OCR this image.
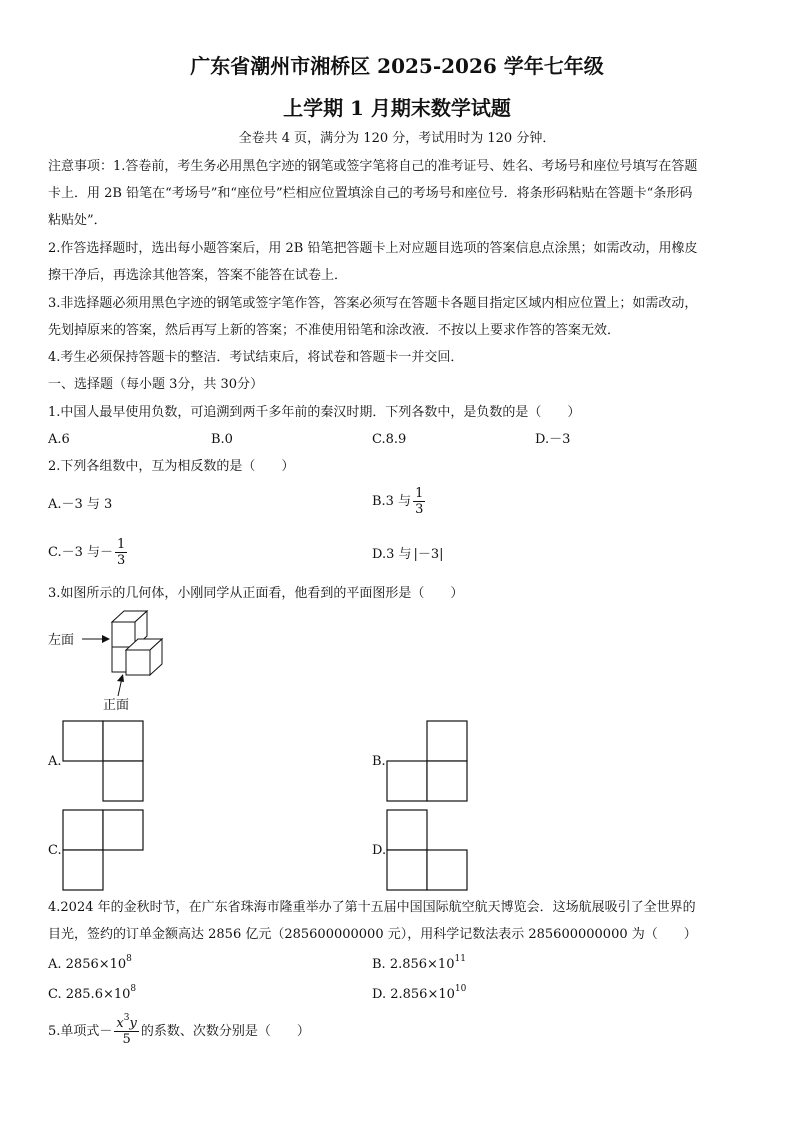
广东省潮州市湘桥区 2025-2026 学年七年级
上学期 1 月期末数学试题
全卷共 4 页，满分为 120 分，考试用时为 120 分钟．
注意事项：1.答卷前，考生务必用黑色字迹的钢笔或签字笔将自己的准考证号、姓名、考场号和座位号填写在答题
卡上．用 2B 铅笔在“考场号”和“座位号”栏相应位置填涂自己的考场号和座位号．将条形码粘贴在答题卡“条形码
粘贴处”．
2.作答选择题时，选出每小题答案后，用 2B 铅笔把答题卡上对应题目选项的答案信息点涂黑；如需改动，用橡皮
擦干净后，再选涂其他答案，答案不能答在试卷上．
3.非选择题必须用黑色字迹的钢笔或签字笔作答，答案必须写在答题卡各题目指定区域内相应位置上；如需改动，
先划掉原来的答案，然后再写上新的答案；不准使用铅笔和涂改液．不按以上要求作答的答案无效．
4.考生必须保持答题卡的整洁．考试结束后，将试卷和答题卡一并交回．
一、选择题（每小题 3分，共 30分）
1.中国人最早使用负数，可追溯到两千多年前的秦汉时期．下列各数中，是负数的是（　　）
A.6	B.0	C.8.9	D.－3
2.下列各组数中，互为相反数的是（　　）
A.－3 与 3	B.3 与 $\frac{1}{3}$
C.－3 与－ $\frac{1}{3}$	D.3 与 |－3|
3.如图所示的几何体，小刚同学从正面看，他看到的平面图形是（　　）
左面
正面
A.	B.
C.	D.
4.2024 年的金秋时节，在广东省珠海市隆重举办了第十五届中国国际航空航天博览会．这场航展吸引了全世界的
目光，签约的订单金额高达 2856 亿元（285600000000 元），用科学记数法表示 285600000000 为（　　）
A. $2856\times 10^8$	B. $2.856\times 10^{11}$
C. $285.6\times 10^8$	D. $2.856\times 10^{10}$
5.单项式－ $\frac{x^3y}{5}$ 的系数、次数分别是（　　）
